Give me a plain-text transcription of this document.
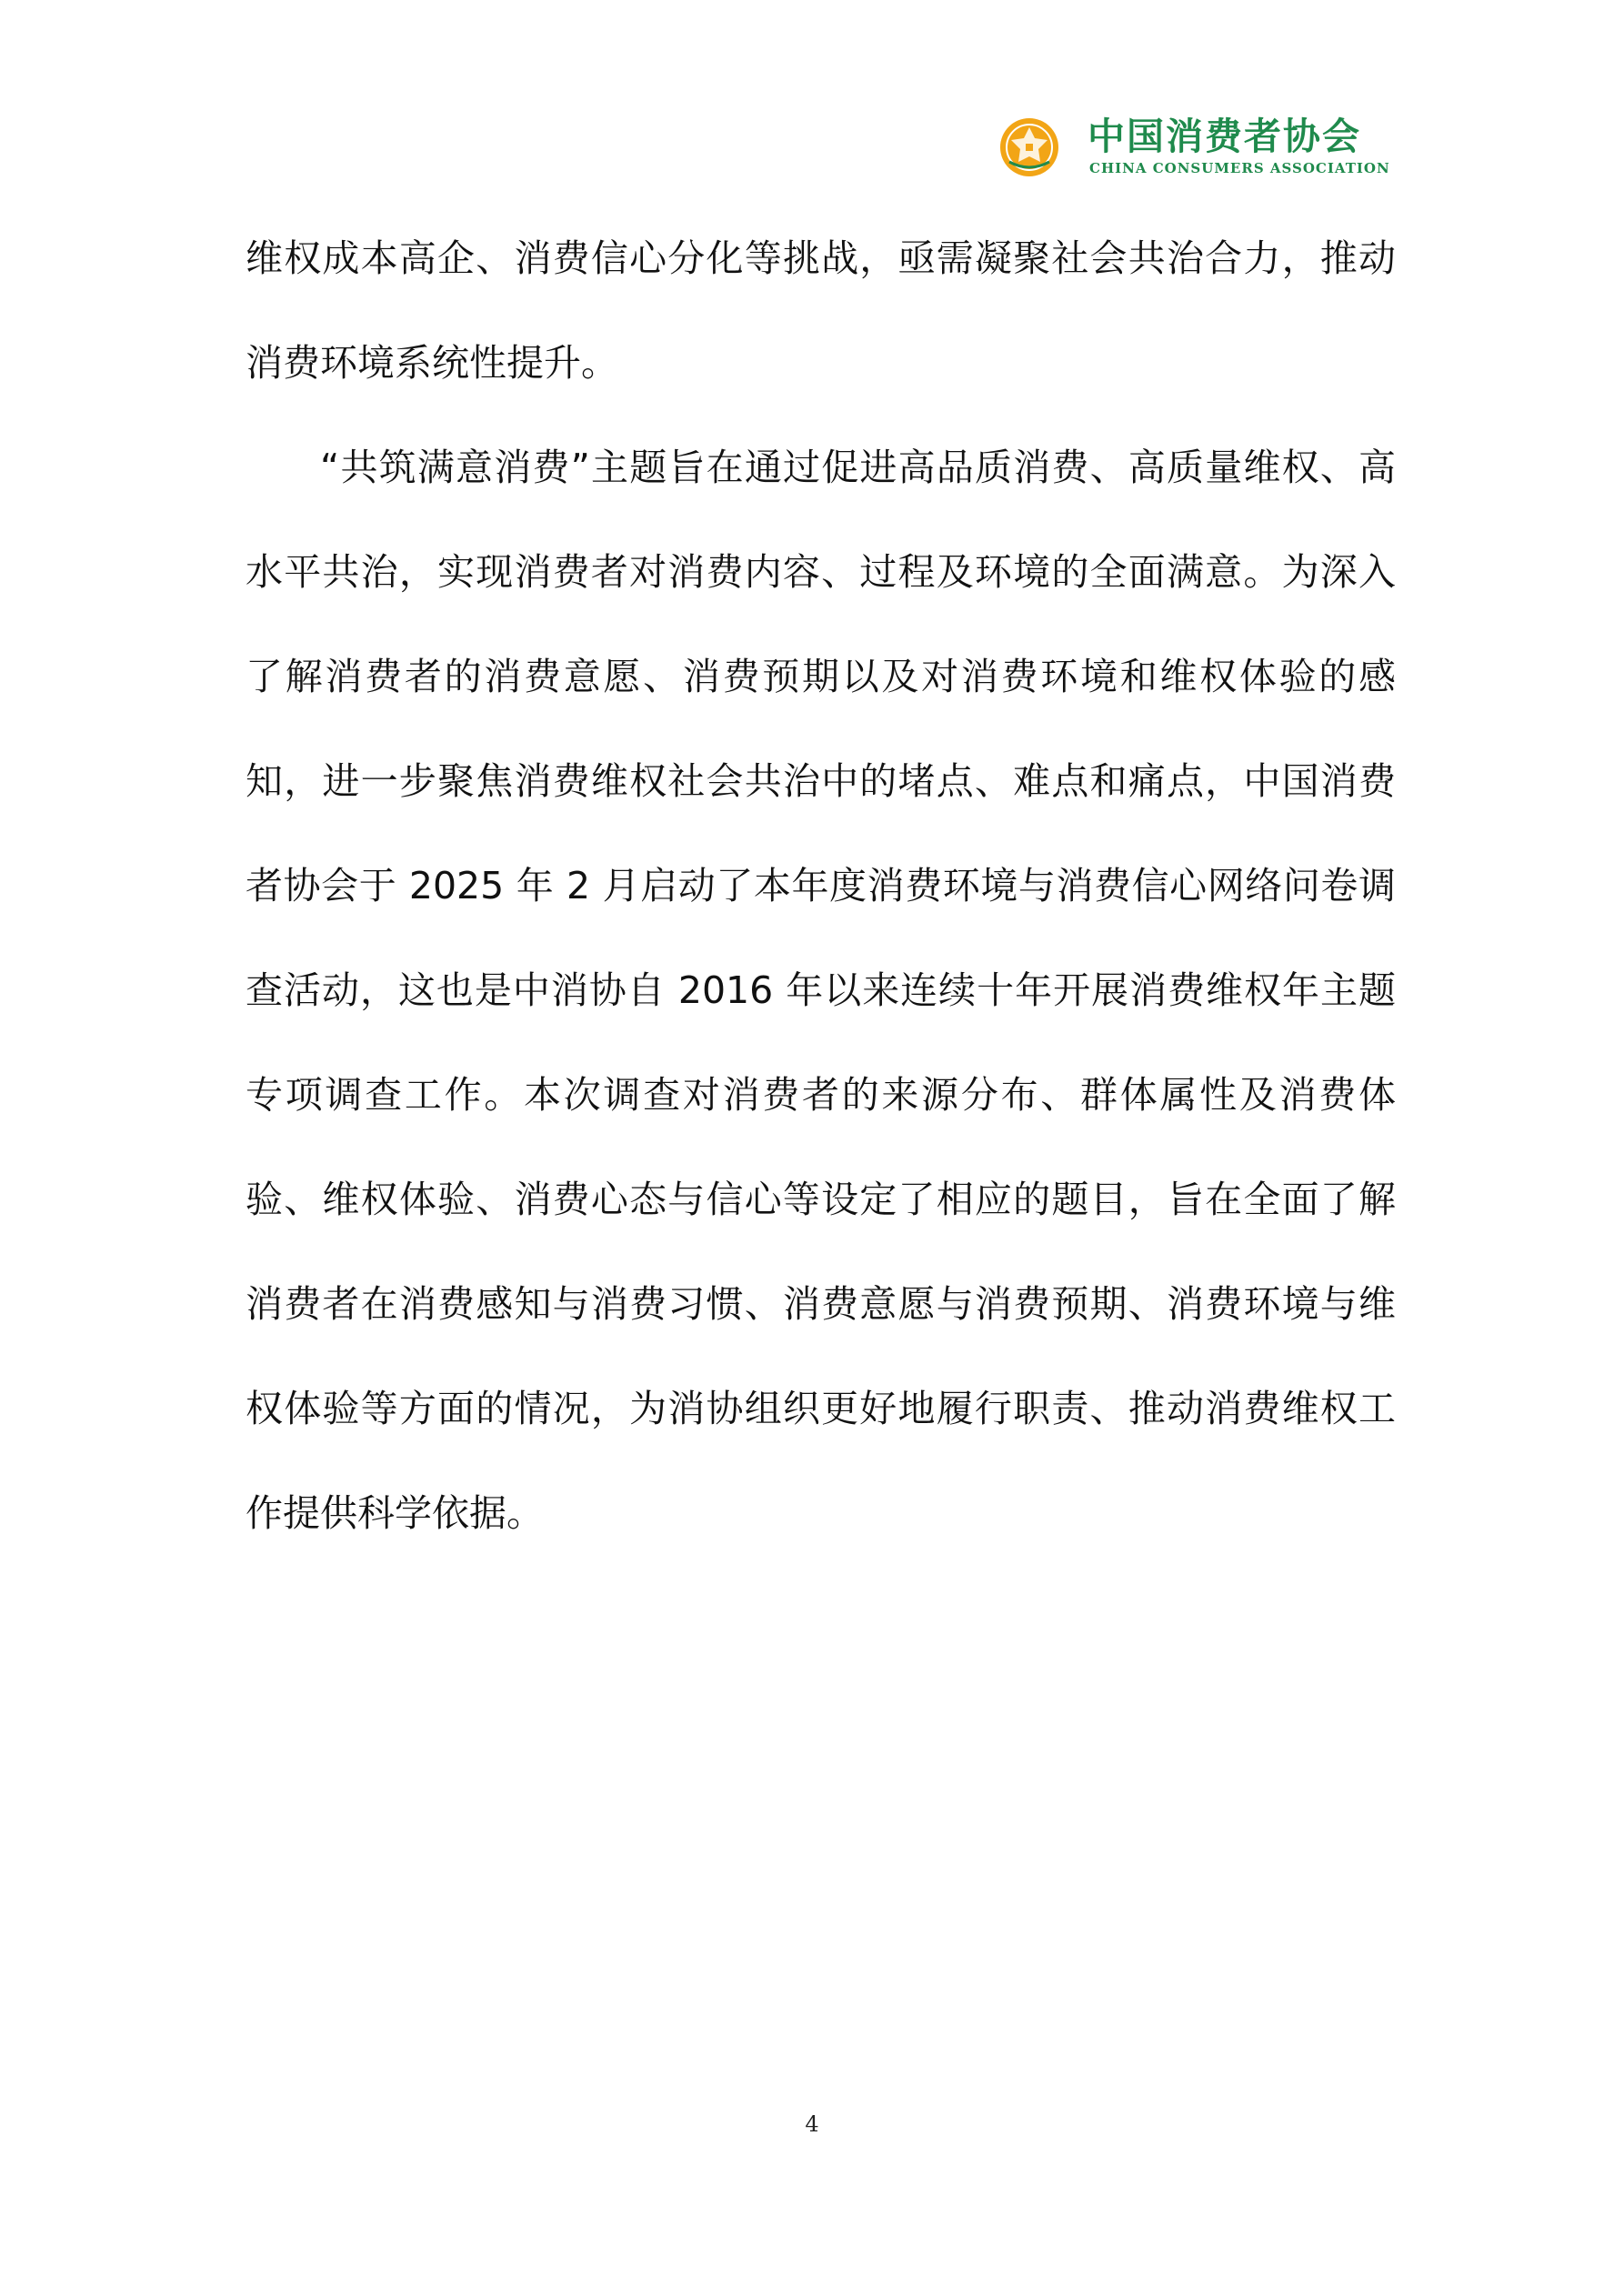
中国消费者协会
CHINA CONSUMERS ASSOCIATION

维权成本高企、消费信心分化等挑战，亟需凝聚社会共治合力，推动消费环境系统性提升。

“共筑满意消费”主题旨在通过促进高品质消费、高质量维权、高水平共治，实现消费者对消费内容、过程及环境的全面满意。为深入了解消费者的消费意愿、消费预期以及对消费环境和维权体验的感知，进一步聚焦消费维权社会共治中的堵点、难点和痛点，中国消费者协会于 2025 年 2 月启动了本年度消费环境与消费信心网络问卷调查活动，这也是中消协自 2016 年以来连续十年开展消费维权年主题专项调查工作。本次调查对消费者的来源分布、群体属性及消费体验、维权体验、消费心态与信心等设定了相应的题目，旨在全面了解消费者在消费感知与消费习惯、消费意愿与消费预期、消费环境与维权体验等方面的情况，为消协组织更好地履行职责、推动消费维权工作提供科学依据。

4
